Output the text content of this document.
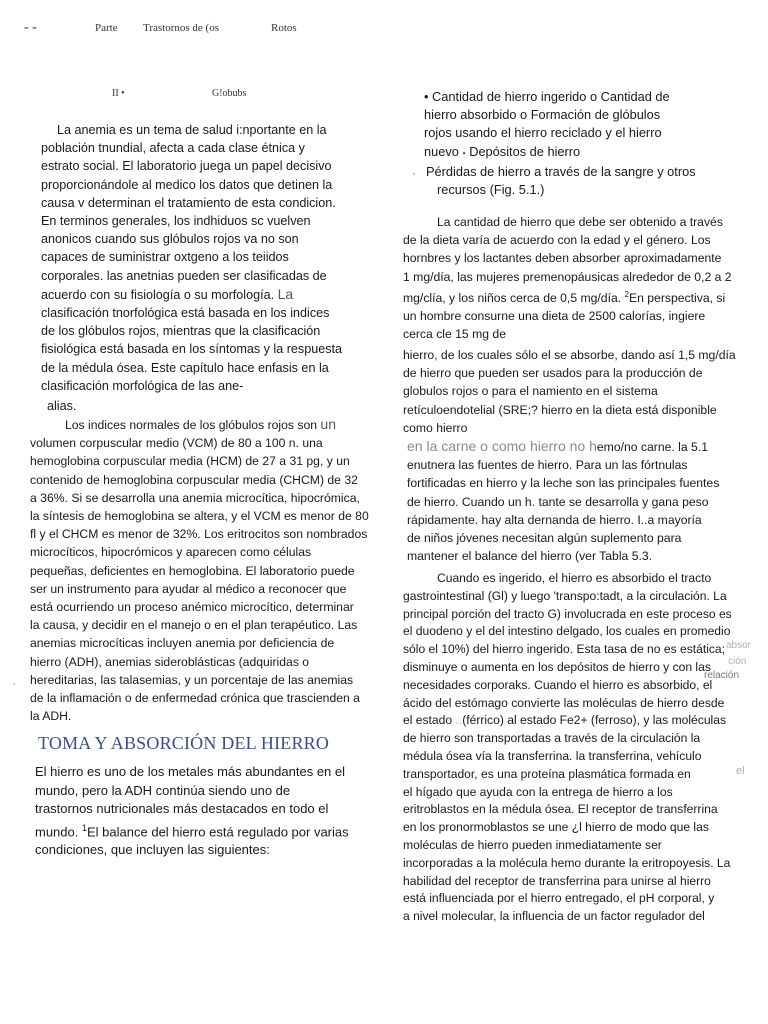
- -	Parte Trastornos de (os	Rotos
II •	G!obubs

La anemia es un tema de salud i:nportante en la

población tnundial, afecta a cada clase étnica y

estrato social. El laboratorio juega un papel decisivo

proporcionándole al medico los datos que detinen la

causa v determinan el tratamiento de esta condicion.

En terminos generales, los indhiduos sc vuelven

anonicos cuando sus glóbulos rojos va no son

capaces de suministrar oxtgeno a los teiidos

corporales. las anetnias pueden ser clasificadas de

acuerdo con su fisiología o su morfología. La

clasificación tnorfológica está basada en los indices

de los glóbulos rojos, mientras que la clasificación

fisiológica está basada en los síntomas y la respuesta

de la médula ósea. Este capítulo hace enfasis en la

clasificación morfológica de las ane-

alias.

Los indices normales de los glóbulos rojos son un

volumen corpuscular medio (VCM) de 80 a 100 n. una

hemoglobina corpuscular media (HCM) de 27 a 31 pg, y un

contenido de hemoglobina corpuscular media (CHCM) de 32

a 36%. Si se desarrolla una anemia microcítica, hipocrómica,

la síntesis de hemoglobina se altera, y el VCM es menor de 80

fl y el CHCM es menor de 32%. Los eritrocitos son nombrados

microcíticos, hipocrómicos y aparecen como células

pequeñas, deficientes en hemoglobina. El laboratorio puede

ser un instrumento para ayudar al médico a reconocer que

está ocurriendo un proceso anémico microcítico, determinar

la causa, y decidir en el manejo o en el plan terapéutico. Las

anemias microcíticas incluyen anemia por deficiencia de

hierro (ADH), anemias sideroblásticas (adquiridas o

hereditarias, las talasemias, y un porcentaje de las anemias

de la inflamación o de enfermedad crónica que trascienden a

la ADH.

·
TOMA Y ABSORCIÓN DEL HIERRO

El hierro es uno de los metales más abundantes en el

mundo, pero la ADH continúa siendo uno de

trastornos nutricionales más destacados en todo el

mundo. $^1$El balance del hierro está regulado por varias

condiciones, que incluyen las siguientes:

• Cantidad de hierro ingerido o Cantidad de

hierro absorbido o Formación de glóbulos

rojos usando el hierro reciclado y el hierro

nuevo ▪ Depósitos de hierro

· Pérdidas de hierro a través de la sangre y otros

recursos (Fig. 5.1.)

La cantidad de hierro que debe ser obtenido a través

de la dieta varía de acuerdo con la edad y el género. Los

hornbres y los lactantes deben absorber aproximadamente

1 mg/día, las mujeres premenopáusicas alrededor de 0,2 a 2

mg/clía, y los niños cerca de 0,5 mg/día. $^2$En perspectiva, si

un hombre consurne una dieta de 2500 calorías, ingiere

cerca cle 15 mg de

hierro, de los cuales sólo el se absorbe, dando así 1,5 mg/día

de hierro que pueden ser usados para la producción de

globulos rojos o para el namiento en el sistema

retículoendotelial (SRE;? hierro en la dieta está disponible

como hierro

en la carne o como hierro no hemo/no carne. la 5.1

enutnera las fuentes de hierro. Para un las fórtnulas

fortificadas en hierro y la leche son las principales fuentes

de hierro. Cuando un h. tante se desarrolla y gana peso

rápidamente. hay alta dernanda de hierro. I..a mayoría

de niños jóvenes necesitan algún suplemento para

mantener el balance del hierro (ver Tabla 5.3.

Cuando es ingerido, el hierro es absorbido el tracto

gastrointestinal (Gl) y luego 'transpo:tadt, a la circulación. La

principal porción del tracto G) involucrada en este proceso es

el duodeno y el del intestino delgado, los cuales en promedio

sólo el 10%) del hierro ingerido. Esta tasa de no es estática;

disminuye o aumenta en los depósitos de hierro y con las

necesidades corporaks. Cuando el hierro es absorbido, el

ácido del estómago convierte las moléculas de hierro desde

el estado ..(férrico) al estado Fe2+ (ferroso), y las moléculas

de hierro son transportadas a través de la circulación la

médula ósea vía la transferrina. la transferrina, vehículo

transportador, es una proteína plasmática formada en

el hígado que ayuda con la entrega de hierro a los

eritroblastos en la médula ósea. El receptor de transferrina

en los pronormoblastos se une ¿l hierro de modo que las

moléculas de hierro pueden inmediatamente ser

incorporadas a la molécula hemo durante la eritropoyesis. La

habilidad del receptor de transferrina para unirse al hierro

está influenciada por el hierro entregado, el pH corporal, y

a nivel molecular, la influencia de un factor regulador del

absor
ción
relación
el
